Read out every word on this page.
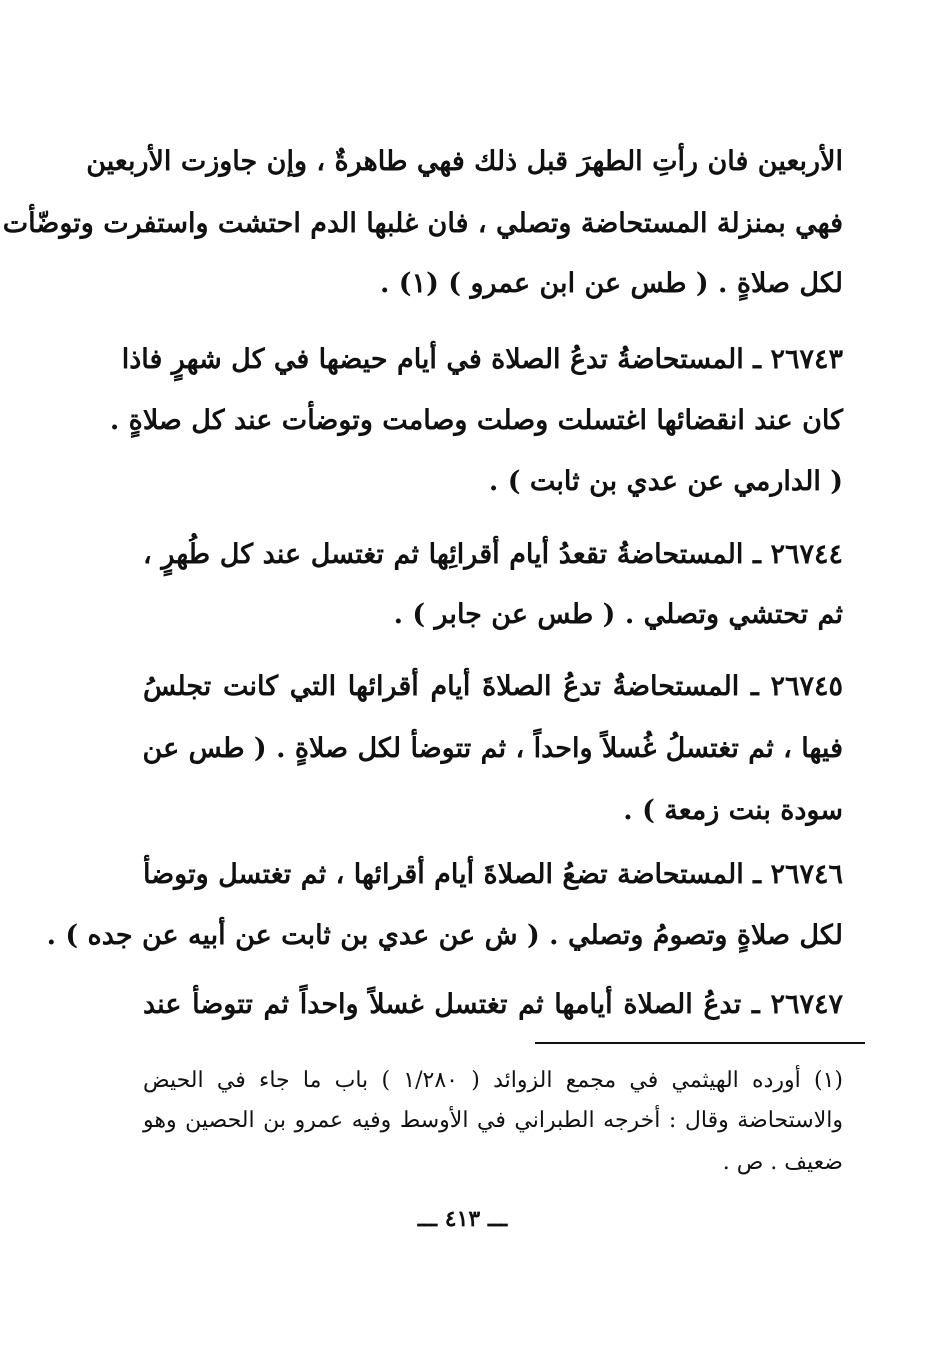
الأربعين فان رأتِ الطهرَ قبل ذلك فهي طاهرةٌ ، وإن جاوزت الأربعين
فهي بمنزلة المستحاضة وتصلي ، فان غلبها الدم احتشت واستفرت وتوضّأت
لكل صلاةٍ . ( طس عن ابن عمرو ) (١) .
٢٦٧٤٣ ـ المستحاضةُ تدعُ الصلاة في أيام حيضها في كل شهرٍ فاذا
كان عند انقضائها اغتسلت وصلت وصامت وتوضأت عند كل صلاةٍ .
( الدارمي عن عدي بن ثابت ) .
٢٦٧٤٤ ـ المستحاضةُ تقعدُ أيام أقرائِها ثم تغتسل عند كل طُهرٍ ،
ثم تحتشي وتصلي . ( طس عن جابر ) .
٢٦٧٤٥ ـ المستحاضةُ تدعُ الصلاةَ أيام أقرائها التي كانت تجلسُ
فيها ، ثم تغتسلُ غُسلاً واحداً ، ثم تتوضأ لكل صلاةٍ . ( طس عن
سودة بنت زمعة ) .
٢٦٧٤٦ ـ المستحاضة تضعُ الصلاةَ أيام أقرائها ، ثم تغتسل وتوضأ
لكل صلاةٍ وتصومُ وتصلي . ( ش عن عدي بن ثابت عن أبيه عن جده ) .
٢٦٧٤٧ ـ تدعُ الصلاة أيامها ثم تغتسل غسلاً واحداً ثم تتوضأ عند
(١) أورده الهيثمي في مجمع الزوائد ( ١/٢٨٠ ) باب ما جاء في الحيض
والاستحاضة وقال : أخرجه الطبراني في الأوسط وفيه عمرو بن الحصين وهو
ضعيف . ص .
ـــ ٤١٣ ـــ
